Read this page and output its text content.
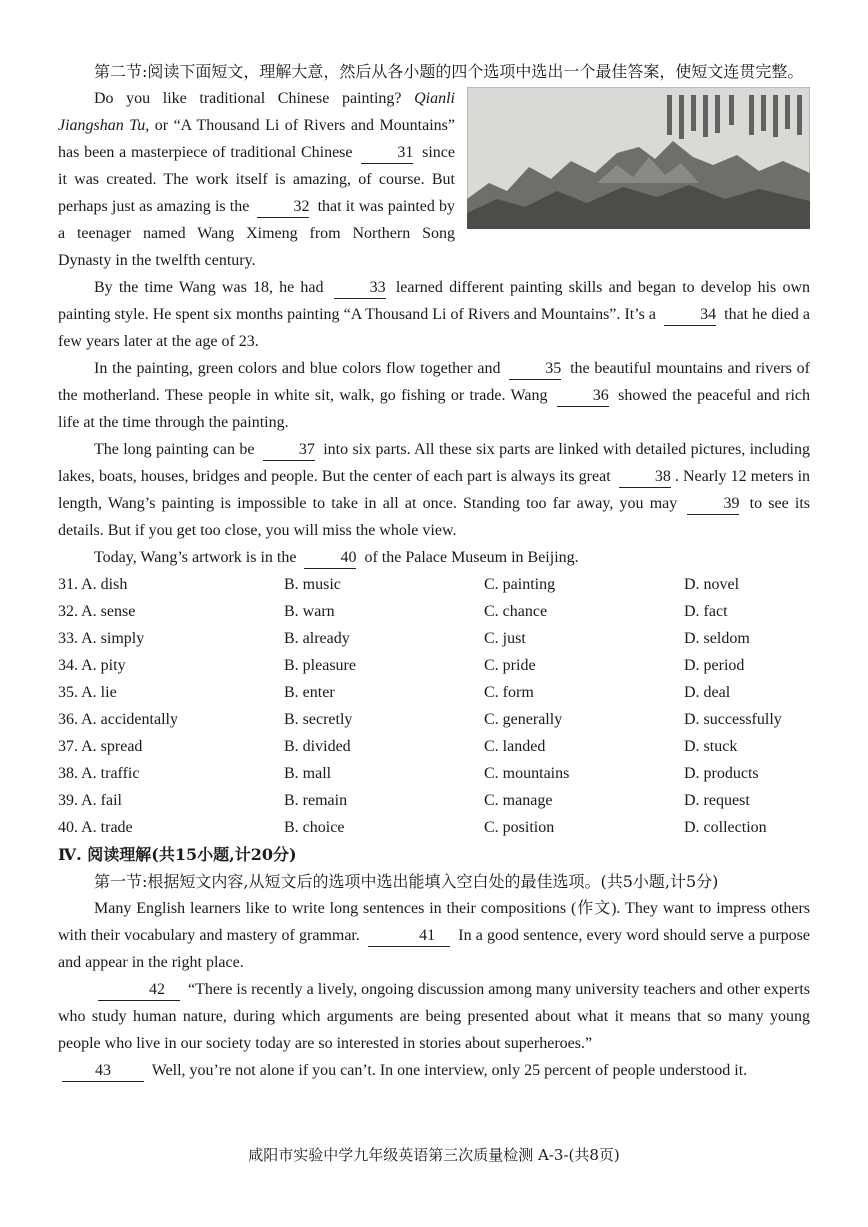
第二节:阅读下面短文，理解大意，然后从各小题的四个选项中选出一个最佳答案，使短文连贯完整。

Do you like traditional Chinese painting? Qianli Jiangshan Tu, or “A Thousand Li of Rivers and Mountains” has been a masterpiece of traditional Chinese	31 since it was created. The work itself is amazing, of course. But perhaps just as amazing is the	32 that it was painted by a teenager named Wang Ximeng from Northern Song Dynasty in the twelfth century.

By the time Wang was 18, he had	33 learned different painting skills and began to develop his own painting style. He spent six months painting “A Thousand Li of Rivers and Mountains”. It’s a	34 that he died a few years later at the age of 23.

In the painting, green colors and blue colors flow together and	35 the beautiful mountains and rivers of the motherland. These people in white sit, walk, go fishing or trade. Wang	36 showed the peaceful and rich life at the time through the painting.

The long painting can be	37 into six parts. All these six parts are linked with detailed pictures, including lakes, boats, houses, bridges and people. But the center of each part is always its great	38 . Nearly 12 meters in length, Wang’s painting is impossible to take in all at once. Standing too far away, you may	39 to see its details. But if you get too close, you will miss the whole view.

Today, Wang’s artwork is in the	40 of the Palace Museum in Beijing.

31. A. dish	B. music	C. painting	D. novel
32. A. sense	B. warn	C. chance	D. fact
33. A. simply	B. already	C. just	D. seldom
34. A. pity	B. pleasure	C. pride	D. period
35. A. lie	B. enter	C. form	D. deal
36. A. accidentally	B. secretly	C. generally	D. successfully
37. A. spread	B. divided	C. landed	D. stuck
38. A. traffic	B. mall	C. mountains	D. products
39. A. fail	B. remain	C. manage	D. request
40. A. trade	B. choice	C. position	D. collection

Ⅳ. 阅读理解(共15小题,计20分)

第一节:根据短文内容,从短文后的选项中选出能填入空白处的最佳选项。(共5小题,计5分)

Many English learners like to write long sentences in their compositions (作文). They want to impress others with their vocabulary and mastery of grammar.	41 In a good sentence, every word should serve a purpose and appear in the right place.

42 “There is recently a lively, ongoing discussion among many university teachers and other experts who study human nature, during which arguments are being presented about what it means that so many young people who live in our society today are so interested in stories about superheroes.”

43 Well, you’re not alone if you can’t. In one interview, only 25 percent of people understood it.

咸阳市实验中学九年级英语第三次质量检测 A-3-(共8页)
